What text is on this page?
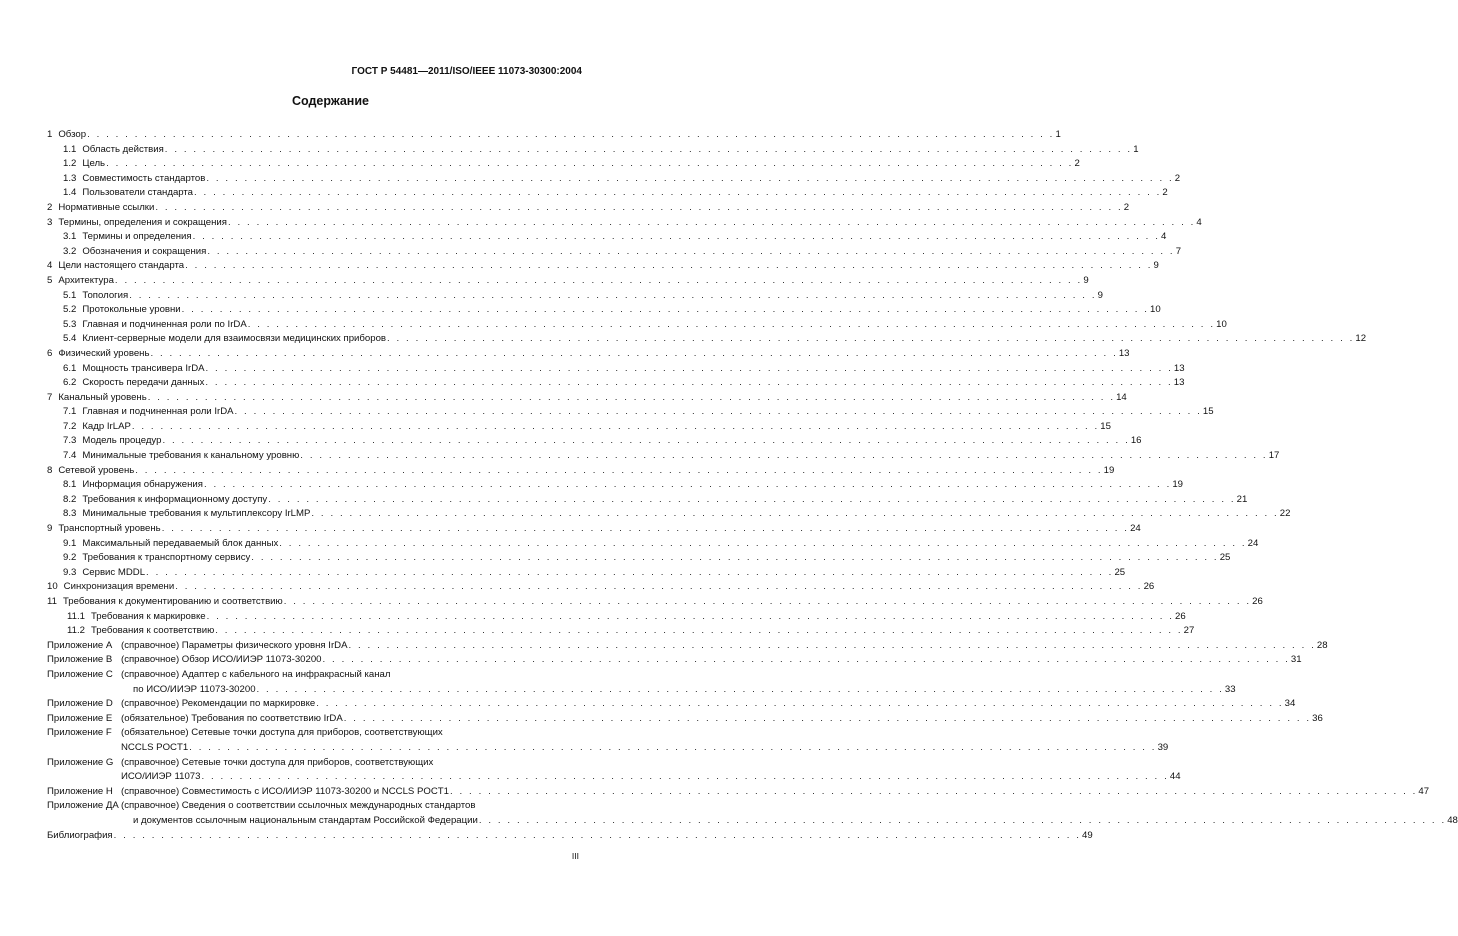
ГОСТ Р 54481—2011/ISO/IEEE 11073-30300:2004
Содержание
1 Обзор . . .	1
1.1 Область действия . . .	1
1.2 Цель . . .	2
1.3 Совместимость стандартов . . .	2
1.4 Пользователи стандарта . . .	2
2 Нормативные ссылки . . .	2
3 Термины, определения и сокращения . . .	4
3.1 Термины и определения . . .	4
3.2 Обозначения и сокращения . . .	7
4 Цели настоящего стандарта . . .	9
5 Архитектура . . .	9
5.1 Топология . . .	9
5.2 Протокольные уровни . . .	10
5.3 Главная и подчиненная роли по IrDA . . .	10
5.4 Клиент-серверные модели для взаимосвязи медицинских приборов . . .	12
6 Физический уровень . . .	13
6.1 Мощность трансивера IrDA . . .	13
6.2 Скорость передачи данных . . .	13
7 Канальный уровень . . .	14
7.1 Главная и подчиненная роли IrDA . . .	15
7.2 Кадр IrLAP . . .	15
7.3 Модель процедур . . .	16
7.4 Минимальные требования к канальному уровню . . .	17
8 Сетевой уровень . . .	19
8.1 Информация обнаружения . . .	19
8.2 Требования к информационному доступу . . .	21
8.3 Минимальные требования к мультиплексору IrLMP . . .	22
9 Транспортный уровень . . .	24
9.1 Максимальный передаваемый блок данных . . .	24
9.2 Требования к транспортному сервису . . .	25
9.3 Сервис MDDL . . .	25
10 Синхронизация времени . . .	26
11 Требования к документированию и соответствию . . .	26
11.1 Требования к маркировке . . .	26
11.2 Требования к соответствию . . .	27
Приложение А (справочное) Параметры физического уровня IrDA . . .	28
Приложение В (справочное) Обзор ИСО/ИИЭР 11073-30200 . . .	31
Приложение С (справочное) Адаптер с кабельного на инфракрасный канал
по ИСО/ИИЭР 11073-30200 . . .	33
Приложение D (справочное) Рекомендации по маркировке . . .	34
Приложение Е (обязательное) Требования по соответствию IrDA . . .	36
Приложение F (обязательное) Сетевые точки доступа для приборов, соответствующих
NCCLS POCT1 . . .	39
Приложение G (справочное) Сетевые точки доступа для приборов, соответствующих
ИСО/ИИЭР 11073 . . .	44
Приложение Н (справочное) Совместимость с ИСО/ИИЭР 11073-30200 и NCCLS POCT1 . . .	47
Приложение ДА (справочное) Сведения о соответствии ссылочных международных стандартов
и документов ссылочным национальным стандартам Российской Федерации . . .	48
Библиография . . .	49
III
